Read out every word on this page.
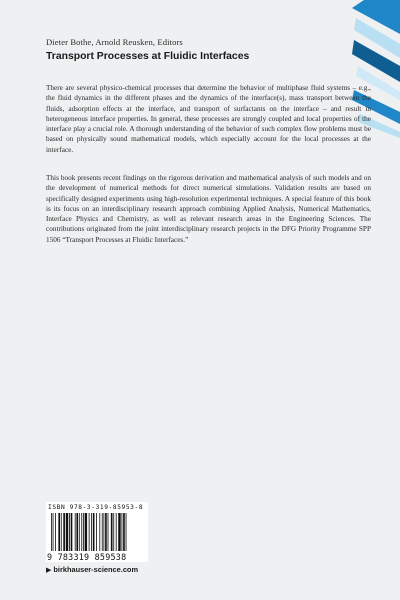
Dieter Bothe, Arnold Reusken, Editors
Transport Processes at Fluidic Interfaces

There are several physico-chemical processes that determine the behavior of multiphase fluid systems – e.g., the fluid dynamics in the different phases and the dynamics of the interface(s), mass transport between the fluids, adsorption effects at the interface, and transport of surfactants on the interface – and result in heterogeneous interface properties. In general, these processes are strongly coupled and local properties of the interface play a crucial role. A thorough understanding of the behavior of such complex flow problems must be based on physically sound mathematical models, which especially account for the local processes at the interface.

This book presents recent findings on the rigorous derivation and mathematical analysis of such models and on the development of numerical methods for direct numerical simulations. Validation results are based on specifically designed experiments using high-resolution experimental techniques. A special feature of this book is its focus on an interdisciplinary research approach combining Applied Analysis, Numerical Mathematics, Interface Physics and Chemistry, as well as relevant research areas in the Engineering Sciences. The contributions originated from the joint interdisciplinary research projects in the DFG Priority Programme SPP 1506 “Transport Processes at Fluidic Interfaces.”

ISBN 978-3-319-85953-8
9 783319 859538
▶ birkhauser-science.com
